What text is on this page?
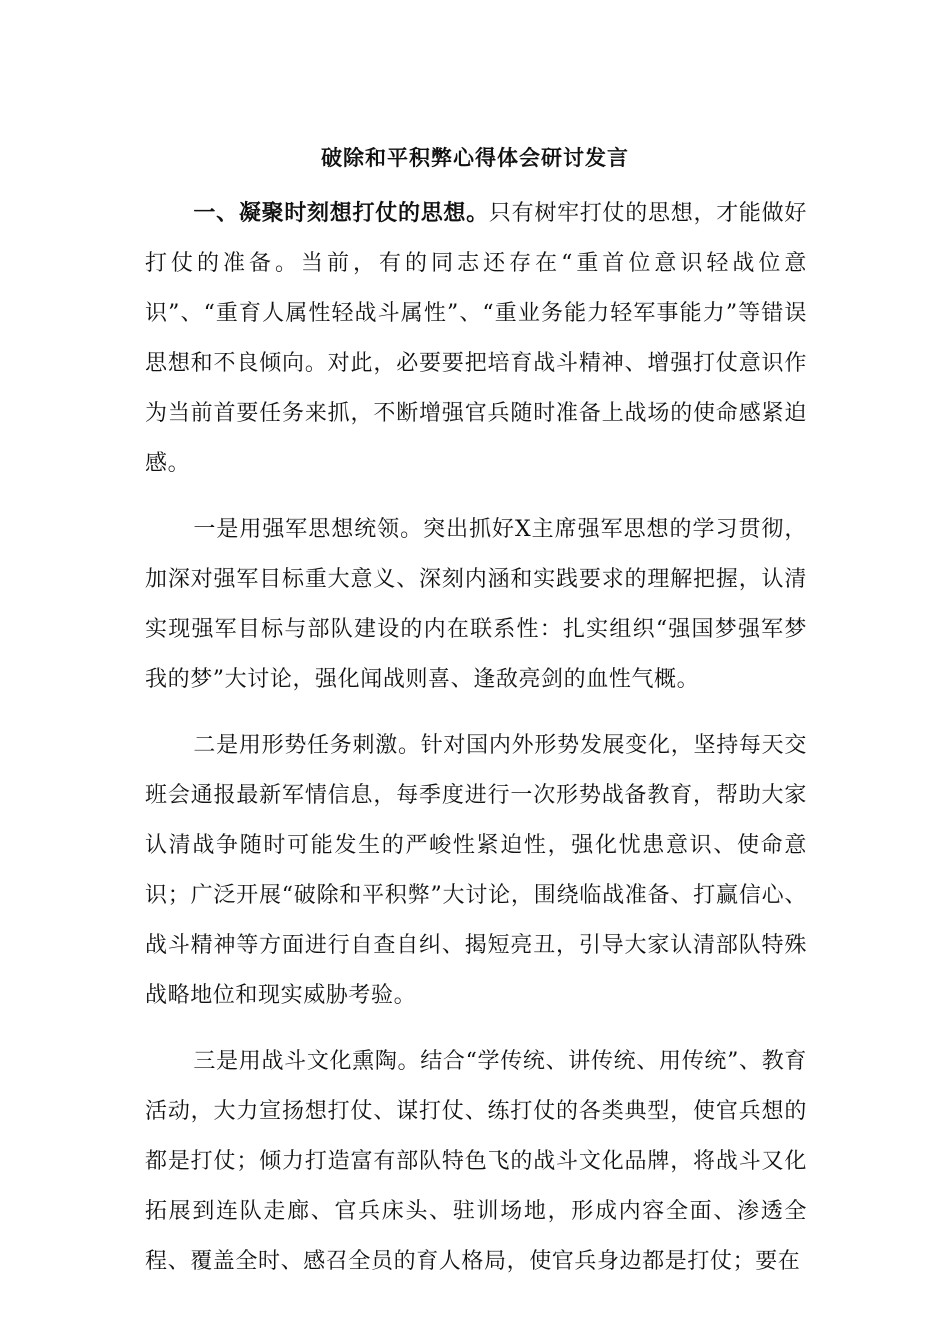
破除和平积弊心得体会研讨发言

一、凝聚时刻想打仗的思想。只有树牢打仗的思想，才能做好打仗的准备。当前，有的同志还存在“重首位意识轻战位意识”、“重育人属性轻战斗属性”、“重业务能力轻军事能力”等错误思想和不良倾向。对此，必要要把培育战斗精神、增强打仗意识作为当前首要任务来抓，不断增强官兵随时准备上战场的使命感紧迫感。

一是用强军思想统领。突出抓好X主席强军思想的学习贯彻，加深对强军目标重大意义、深刻内涵和实践要求的理解把握，认清实现强军目标与部队建设的内在联系性：扎实组织“强国梦强军梦我的梦”大讨论，强化闻战则喜、逢敌亮剑的血性气概。

二是用形势任务刺激。针对国内外形势发展变化，坚持每天交班会通报最新军情信息，每季度进行一次形势战备教育，帮助大家认清战争随时可能发生的严峻性紧迫性，强化忧患意识、使命意识；广泛开展“破除和平积弊”大讨论，围绕临战准备、打赢信心、战斗精神等方面进行自查自纠、揭短亮丑，引导大家认清部队特殊战略地位和现实威胁考验。

三是用战斗文化熏陶。结合“学传统、讲传统、用传统”、教育活动，大力宣扬想打仗、谋打仗、练打仗的各类典型，使官兵想的都是打仗；倾力打造富有部队特色飞的战斗文化品牌，将战斗又化拓展到连队走廊、官兵床头、驻训场地，形成内容全面、渗透全程、覆盖全时、感召全员的育人格局，使官兵身边都是打仗；要在
